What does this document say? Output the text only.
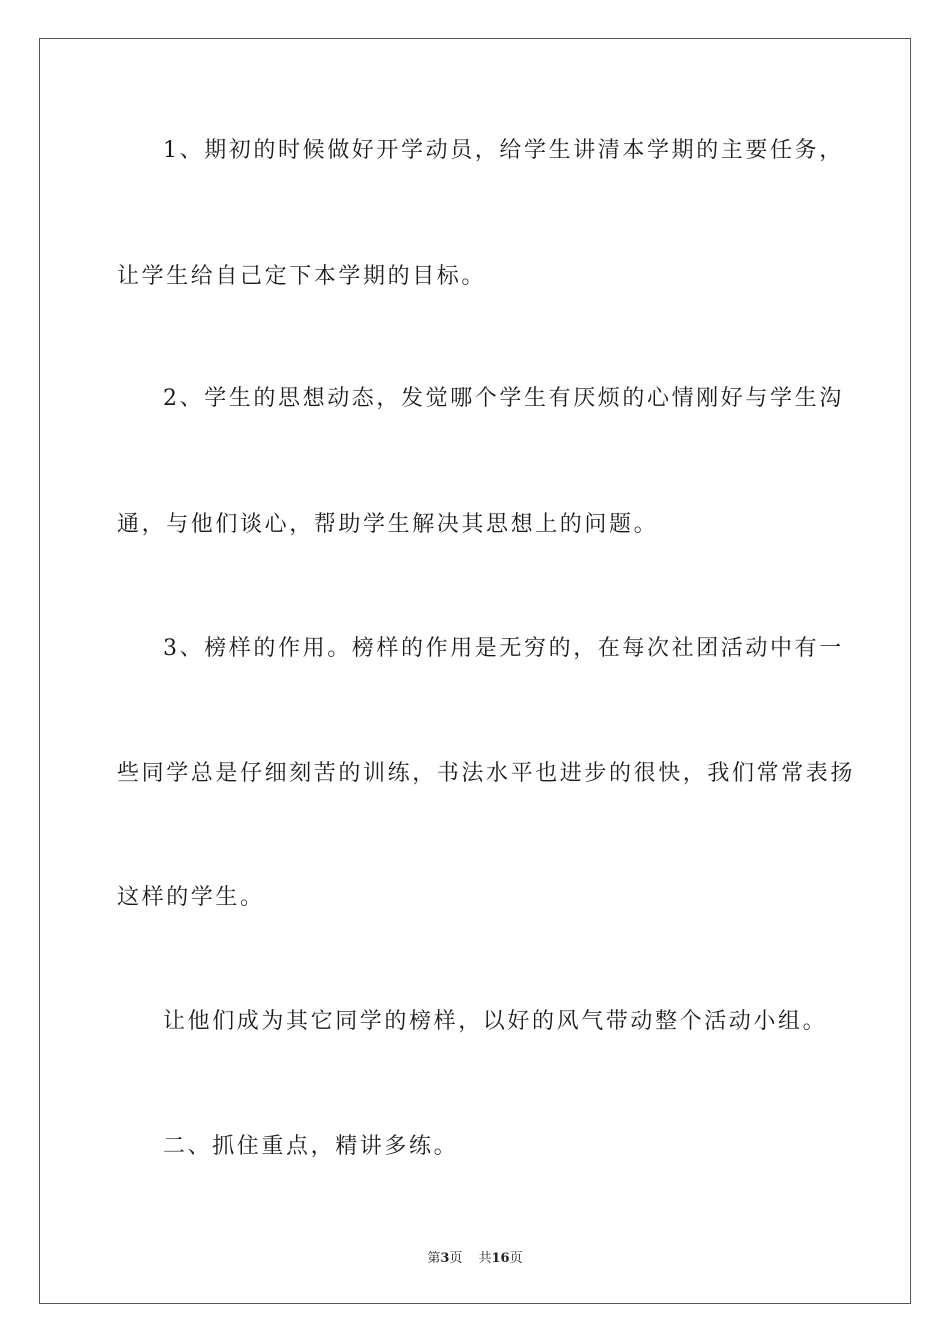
1、期初的时候做好开学动员，给学生讲清本学期的主要任务，
让学生给自己定下本学期的目标。
2、学生的思想动态，发觉哪个学生有厌烦的心情刚好与学生沟
通，与他们谈心，帮助学生解决其思想上的问题。
3、榜样的作用。榜样的作用是无穷的，在每次社团活动中有一
些同学总是仔细刻苦的训练，书法水平也进步的很快，我们常常表扬
这样的学生。
让他们成为其它同学的榜样，以好的风气带动整个活动小组。
二、抓住重点，精讲多练。
第3页 共16页
